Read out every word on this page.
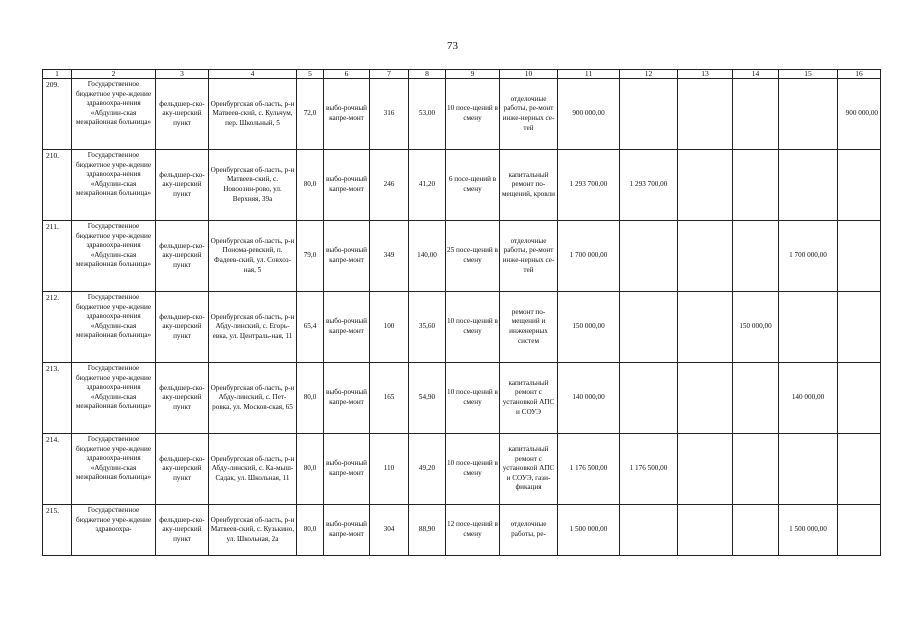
73
1	2	3	4	5	6	7	8	9	10	11	12	13	14	15	16
209.	Государственное бюджетное учре-ждение здравоохра-нения «Абдулин-ская межрайонная больница»	фельдшер-ско-аку-шерский пункт	Оренбургская об-ласть, р-н Матвеев-ский, с. Кульчум, пер. Школьный, 5	72,0	выбо-рочный капре-монт	316	53,00	10 посе-щений в смену	отделочные работы, ре-монт инже-нерных се-тей	900 000,00					900 000,00
210.	Государственное бюджетное учре-ждение здравоохра-нения «Абдулин-ская межрайонная больница»	фельдшер-ско-аку-шерский пункт	Оренбургская об-ласть, р-н Матвеев-ский, с. Новоозин-рово, ул. Верхняя, 39а	80,0	выбо-рочный капре-монт	246	41,20	6 посе-щений в смену	капитальный ремонт по-мещений, кровли	1 293 700,00	1 293 700,00				
211.	Государственное бюджетное учре-ждение здравоохра-нения «Абдулин-ская межрайонная больница»	фельдшер-ско-аку-шерский пункт	Оренбургская об-ласть, р-н Пономa-ревский, п. Фадеев-ский, ул. Совхоз-ная, 5	79,0	выбо-рочный капре-монт	349	140,00	25 посе-щений в смену	отделочные работы, ре-монт инже-нерных се-тей	1 700 000,00				1 700 000,00	
212.	Государственное бюджетное учре-ждение здравоохра-нения «Абдулин-ская межрайонная больница»	фельдшер-ско-аку-шерский пункт	Оренбургская об-ласть, р-н Абду-линский, с. Егорь-евка, ул. Централь-ная, 11	65,4	выбо-рочный капре-монт	100	35,60	10 посе-щений в смену	ремонт по-мещений и инженерных систем	150 000,00			150 000,00		
213.	Государственное бюджетное учре-ждение здравоохра-нения «Абдулин-ская межрайонная больница»	фельдшер-ско-аку-шерский пункт	Оренбургская об-ласть, р-н Абду-линский, с. Пет-ровка, ул. Москов-ская, 65	80,0	выбо-рочный капре-монт	165	54,90	10 посе-щений в смену	капитальный ремонт с установкой АПС и СОУЭ	140 000,00				140 000,00	
214.	Государственное бюджетное учре-ждение здравоохра-нения «Абдулин-ская межрайонная больница»	фельдшер-ско-аку-шерский пункт	Оренбургская об-ласть, р-н Абду-линский, с. Ка-мыш-Садак, ул. Школьная, 11	80,0	выбо-рочный капре-монт	110	49,20	10 посе-щений в смену	капитальный ремонт с установкой АПС и СОУЭ, гази-фикация	1 176 500,00	1 176 500,00				
215.	Государственное бюджетное учре-ждение здравоохра-	фельдшер-ско-аку-шерский пункт	Оренбургская об-ласть, р-н Матвеев-ский, с. Кузькино, ул. Школьная, 2а	80,0	выбо-рочный капре-монт	304	88,90	12 посе-щений в смену	отделочные работы, ре-	1 500 000,00				1 500 000,00	
